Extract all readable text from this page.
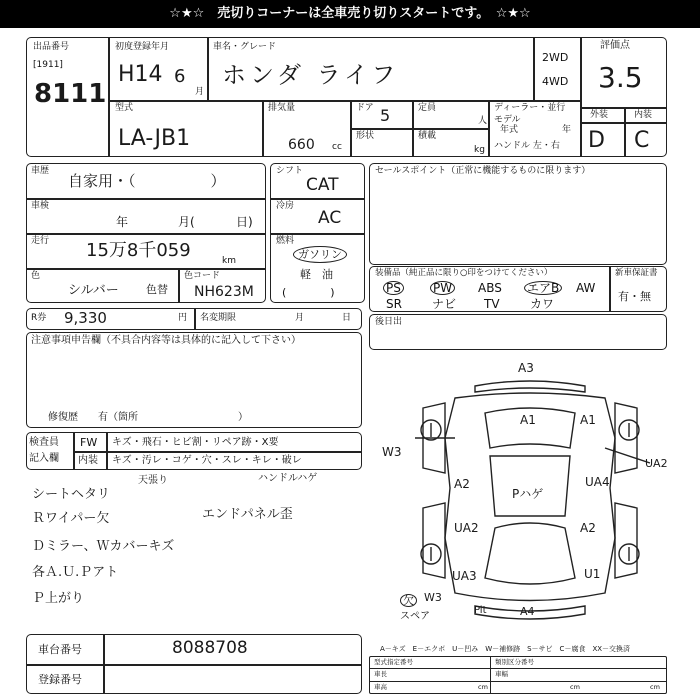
☆★☆　売切りコーナーは全車売り切りスタートです。　☆★☆
出品番号
[1911]
8111
初度登録年月
H14 6
月
車名・グレード
ホンダ ライフ
2WD
4WD
評価点
3.5
外装	内装
D C
型式
LA-JB1
排気量
660 cc
ドア 5	定員
人
形状	積載
kg
ディーラー・並行
モデル
年式	年
ハンドル 左・右
車歴
自家用・（　　　　　）
車検
年	月(	日)
走行 15万8千059	km
色
シルバー 色替
色コード
NH623M
シフト
CAT
冷房
AC
燃料
ガソリン
軽　油
(　　　　)
セールスポイント（正常に機能するものに限ります）
装備品（純正品に限り○印をつけてください）	新車保証書
有・無
PS	PW ABS エアB AW
SR	ナビ TV	カワ
R券 9,330	円 名変期限	月	日	後日出
注意事項申告欄（不具合内容等は具体的に記入して下さい）
修復歴　　有（箇所　　　　　　　　　　）
検査員
記入欄
FW
内装
キズ・飛石・ヒビ割・リペア跡・X要
キズ・汚レ・コゲ・穴・スレ・キレ・破レ
天張り	ハンドルハゲ
シートヘタリ
Ｒワイパー欠	エンドパネル歪
Ｄミラー、Ｗカバーキズ
各Ａ.Ｕ.Ｐアト
Ｐ上がり
A3
A1	A1
W3
A2
Pハゲ
UA4
UA2
UA2	A2
UA3	U1
A4
Pit
W3
欠
スペア
車台番号	8088708
登録番号
A－キズ　E－エクボ　U－凹み　W－補修跡　S－サビ　C－腐食　XX－交換済
型式指定番号	類別区分番号
車長	車幅
車高	cm	cm	cm
